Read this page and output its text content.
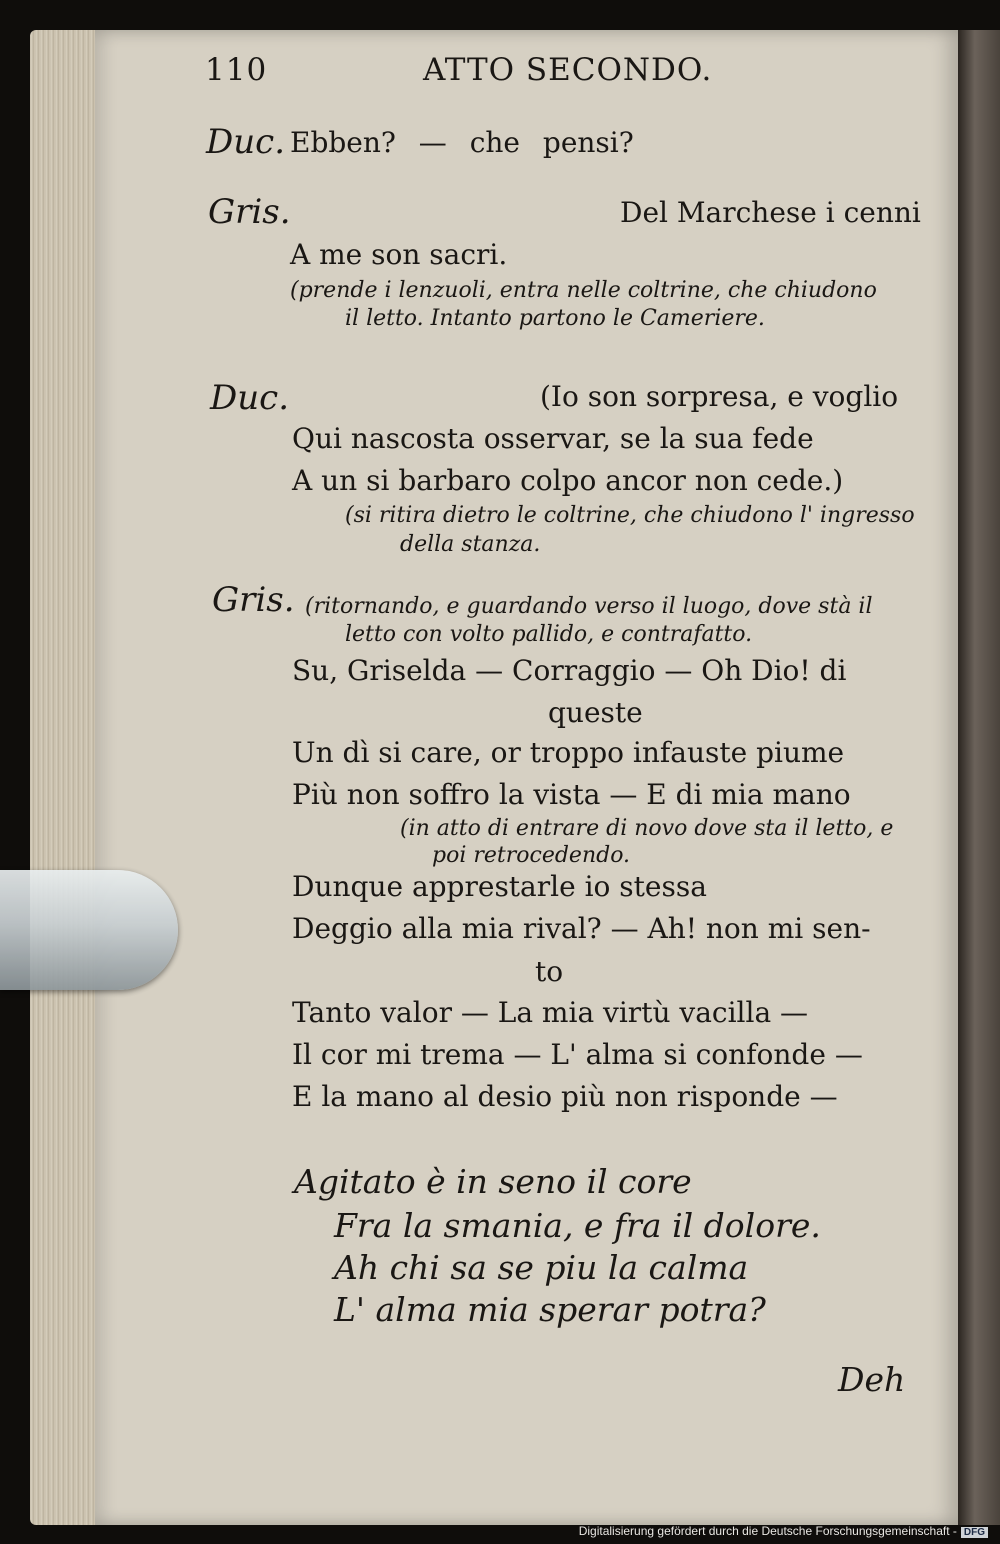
110	ATTO SECONDO.
Duc. Ebben? — che pensi?
Gris.	Del Marchese i cenni
A me son sacri.
(prende i lenzuoli, entra nelle coltrine, che chiudono
il letto. Intanto partono le Cameriere.
Duc.	(Io son sorpresa, e voglio
Qui nascosta osservar, se la sua fede
A un si barbaro colpo ancor non cede.)
(si ritira dietro le coltrine, che chiudono l' ingresso
della stanza.
Gris. (ritornando, e guardando verso il luogo, dove stà il
letto con volto pallido, e contrafatto.
Su, Griselda — Corraggio — Oh Dio! di
queste
Un dì si care, or troppo infauste piume
Più non soffro la vista — E di mia mano
(in atto di entrare di novo dove sta il letto, e
poi retrocedendo.
Dunque apprestarle io stessa
Deggio alla mia rival? — Ah! non mi sen-
to
Tanto valor — La mia virtù vacilla —
Il cor mi trema — L' alma si confonde —
E la mano al desio più non risponde —
Agitato è in seno il core
Fra la smania, e fra il dolore.
Ah chi sa se piu la calma
L' alma mia sperar potra?
Deh
Digitalisierung gefördert durch die Deutsche Forschungsgemeinschaft - DFG
